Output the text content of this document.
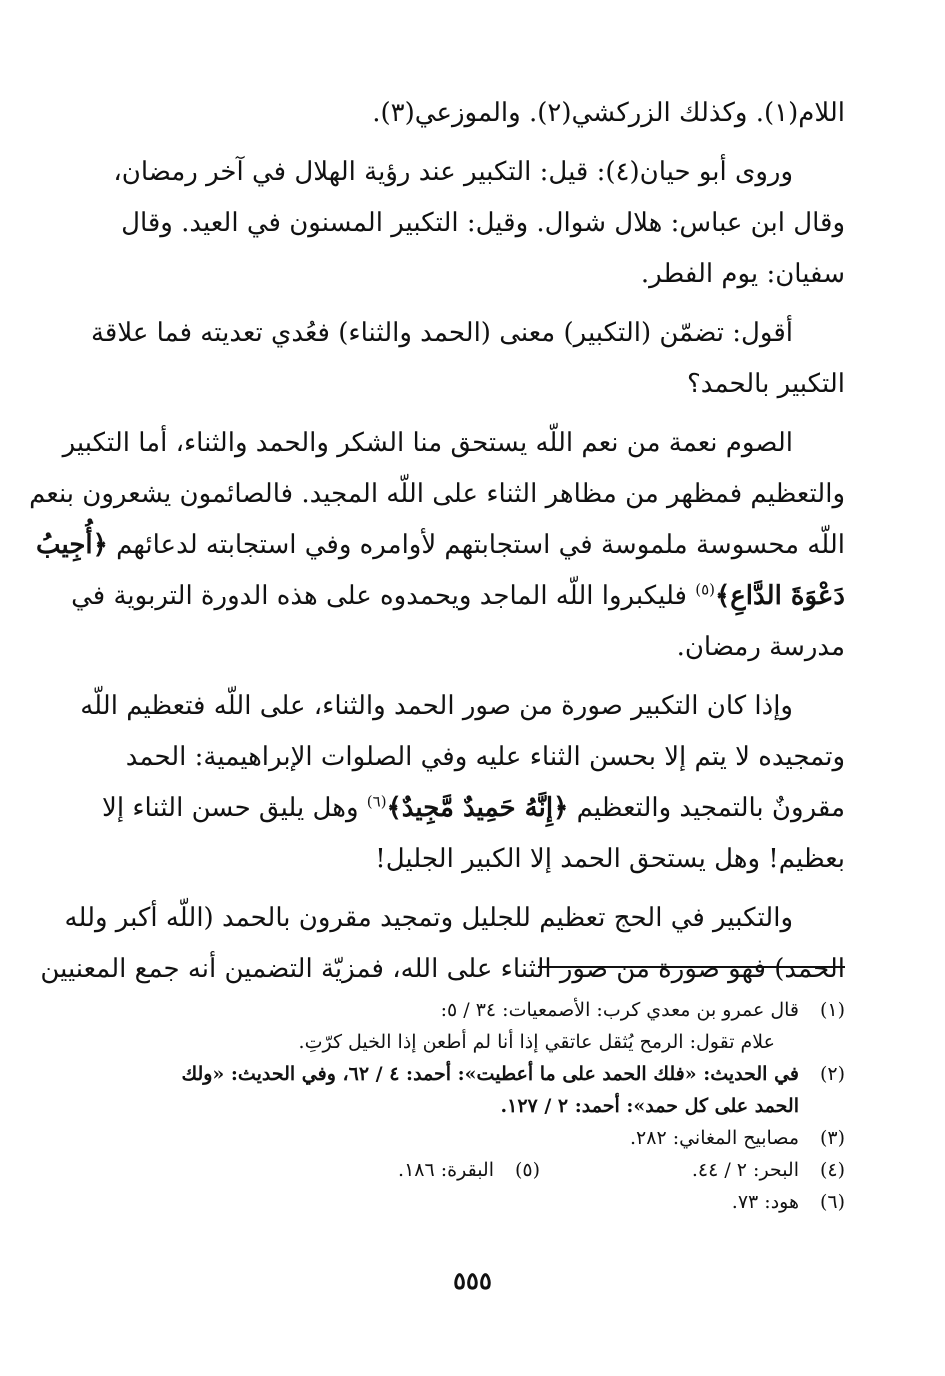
اللام(١). وكذلك الزركشي(٢). والموزعي(٣).
وروى أبو حيان(٤): قيل: التكبير عند رؤية الهلال في آخر رمضان،
وقال ابن عباس: هلال شوال. وقيل: التكبير المسنون في العيد. وقال
سفيان: يوم الفطر.
أقول: تضمّن (التكبير) معنى (الحمد والثناء) فعُدي تعديته فما علاقة
التكبير بالحمد؟
الصوم نعمة من نعم اللّه يستحق منا الشكر والحمد والثناء، أما التكبير
والتعظيم فمظهر من مظاهر الثناء على اللّه المجيد. فالصائمون يشعرون بنعم
اللّه محسوسة ملموسة في استجابتهم لأوامره وفي استجابته لدعائهم ﴿أُجِيبُ
دَعْوَةَ الدَّاعِ﴾$^{(٥)}$ فليكبروا اللّه الماجد ويحمدوه على هذه الدورة التربوية في
مدرسة رمضان.
وإذا كان التكبير صورة من صور الحمد والثناء، على اللّه فتعظيم اللّه
وتمجيده لا يتم إلا بحسن الثناء عليه وفي الصلوات الإبراهيمية: الحمد
مقرونٌ بالتمجيد والتعظيم ﴿إِنَّهُ حَمِيدٌ مَّجِيدٌ﴾$^{(٦)}$ وهل يليق حسن الثناء إلا
بعظيم! وهل يستحق الحمد إلا الكبير الجليل!
والتكبير في الحج تعظيم للجليل وتمجيد مقرون بالحمد (اللّه أكبر ولله
الحمد) فهو صورة من صور الثناء على الله، فمزيّة التضمين أنه جمع المعنيين
(١)قال عمرو بن معدي كرب: الأصمعيات: ٣٤ / ٥:
علام تقول: الرمح يُثقل عاتقي إذا أنا لم أطعن إذا الخيل كرّتِ.
(٢)في الحديث: «فلك الحمد على ما أعطيت»: أحمد: ٤ / ٦٢، وفي الحديث: «ولك
الحمد على كل حمد»: أحمد: ٢ / ١٢٧.
(٣)مصابيح المغاني: ٢٨٢.
(٤)البحر: ٢ / ٤٤.
(٥)البقرة: ١٨٦.
(٦)هود: ٧٣.
٥٥٥
